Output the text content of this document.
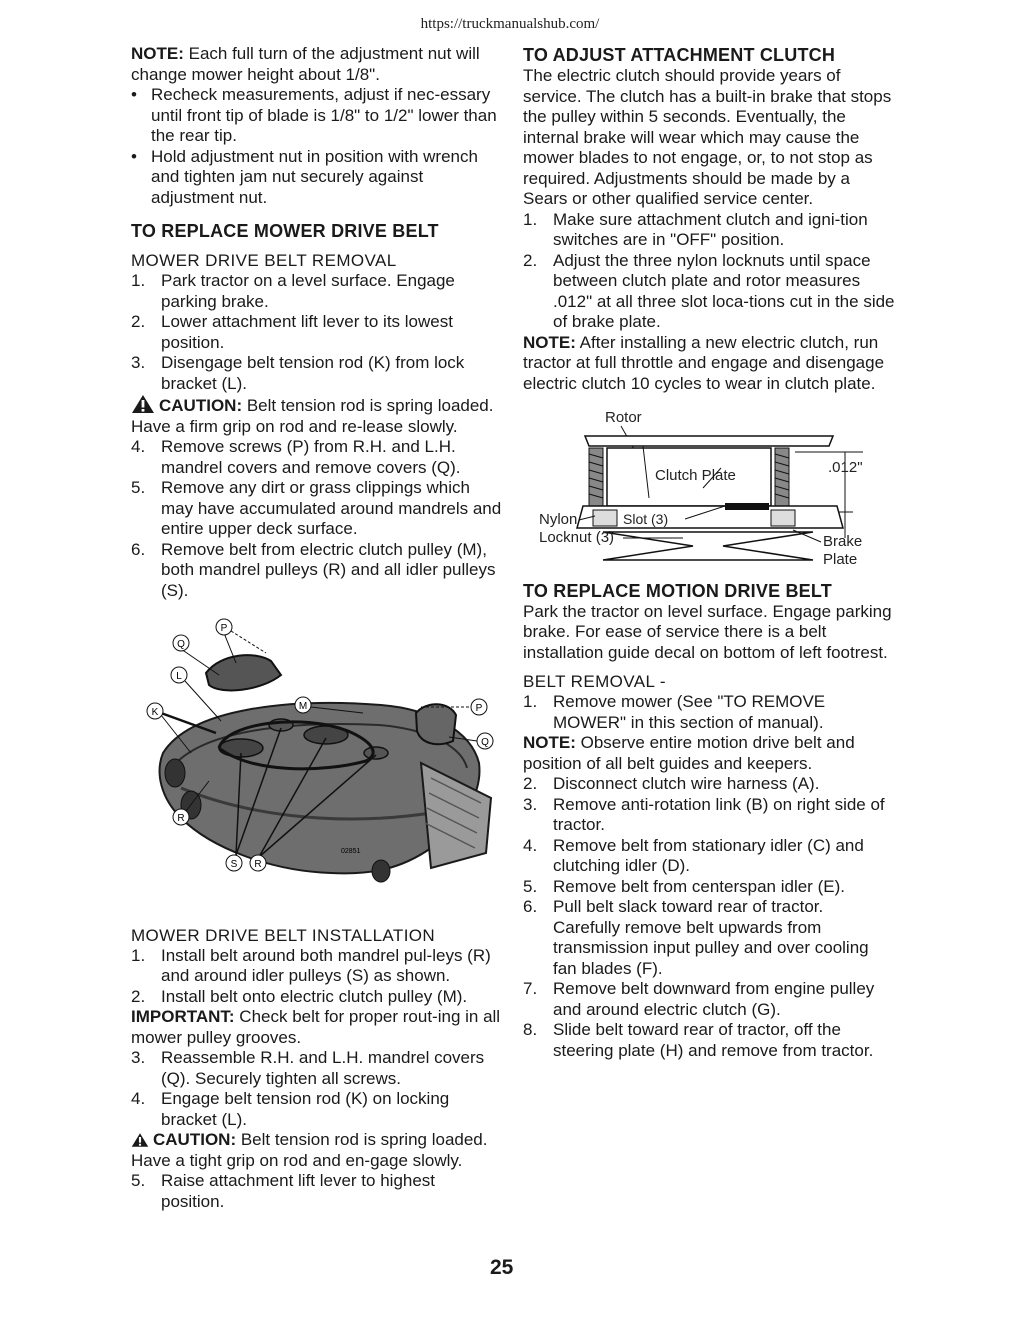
https://truckmanualshub.com/

NOTE: Each full turn of the adjustment nut will change mower height about 1/8".

• Recheck measurements, adjust if nec-essary until front tip of blade is 1/8" to 1/2" lower than the rear tip.
• Hold adjustment nut in position with wrench and tighten jam nut securely against adjustment nut.
TO REPLACE MOWER DRIVE BELT
MOWER DRIVE BELT REMOVAL
1. Park tractor on a level surface. Engage parking brake.
2. Lower attachment lift lever to its lowest position.
3. Disengage belt tension rod (K) from lock bracket (L).

CAUTION: Belt tension rod is spring loaded. Have a firm grip on rod and re-lease slowly.

4. Remove screws (P) from R.H. and L.H. mandrel covers and remove covers (Q).
5. Remove any dirt or grass clippings which may have accumulated around mandrels and entire upper deck surface.
6. Remove belt from electric clutch pulley (M), both mandrel pulleys (R) and all idler pulleys (S).
Q
P
L
K
M	P
Q
R
S R
02851
MOWER DRIVE BELT INSTALLATION
1. Install belt around both mandrel pul-leys (R) and around idler pulleys (S) as shown.
2. Install belt onto electric clutch pulley (M).

IMPORTANT: Check belt for proper rout-ing in all mower pulley grooves.

3. Reassemble R.H. and L.H. mandrel covers (Q). Securely tighten all screws.
4. Engage belt tension rod (K) on locking bracket (L).

CAUTION: Belt tension rod is spring loaded. Have a tight grip on rod and en-gage slowly.

5. Raise attachment lift lever to highest position.
TO ADJUST ATTACHMENT CLUTCH

The electric clutch should provide years of service. The clutch has a built-in brake that stops the pulley within 5 seconds. Eventually, the internal brake will wear which may cause the mower blades to not engage, or, to not stop as required. Adjustments should be made by a Sears or other qualified service center.

1. Make sure attachment clutch and igni-tion switches are in "OFF" position.
2. Adjust the three nylon locknuts until space between clutch plate and rotor measures .012" at all three slot loca-tions cut in the side of brake plate.

NOTE: After installing a new electric clutch, run tractor at full throttle and engage and disengage electric clutch 10 cycles to wear in clutch plate.

Rotor
Clutch Plate	.012"
Slot (3)
Nylon
Locknut (3)	Brake
Plate
TO REPLACE MOTION DRIVE BELT

Park the tractor on level surface. Engage parking brake. For ease of service there is a belt installation guide decal on bottom of left footrest.

BELT REMOVAL -
1. Remove mower (See "TO REMOVE MOWER" in this section of manual).

NOTE: Observe entire motion drive belt and position of all belt guides and keepers.

2. Disconnect clutch wire harness (A).
3. Remove anti-rotation link (B) on right side of tractor.
4. Remove belt from stationary idler (C) and clutching idler (D).
5. Remove belt from centerspan idler (E).
6. Pull belt slack toward rear of tractor. Carefully remove belt upwards from transmission input pulley and over cooling fan blades (F).
7. Remove belt downward from engine pulley and around electric clutch (G).
8. Slide belt toward rear of tractor, off the steering plate (H) and remove from tractor.
25
